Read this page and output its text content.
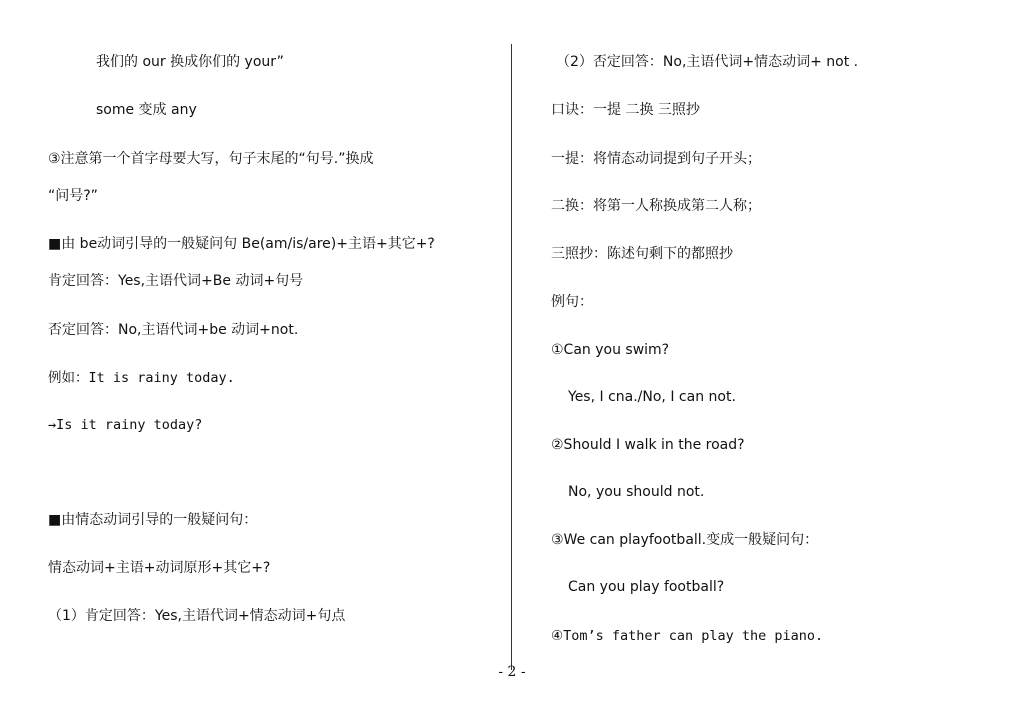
我们的 our 换成你们的 your”
some 变成 any
③注意第一个首字母要大写，句子末尾的“句号.”换成
“问号?”
■由 be动词引导的一般疑问句 Be(am/is/are)+主语+其它+?
肯定回答：Yes,主语代词+Be 动词+句号
否定回答：No,主语代词+be 动词+not.
例如：It is rainy today.
→Is it rainy today?
■由情态动词引导的一般疑问句：
情态动词+主语+动词原形+其它+?
（1）肯定回答：Yes,主语代词+情态动词+句点
（2）否定回答：No,主语代词+情态动词+ not .
口诀：一提 二换 三照抄
一提：将情态动词提到句子开头；
二换：将第一人称换成第二人称；
三照抄：陈述句剩下的都照抄
例句：
①Can you swim?
Yes, I cna./No, I can not.
②Should I walk in the road?
No, you should not.
③We can playfootball.变成一般疑问句：
Can you play football?
④Tom’s father can play the piano.
- 2 -
